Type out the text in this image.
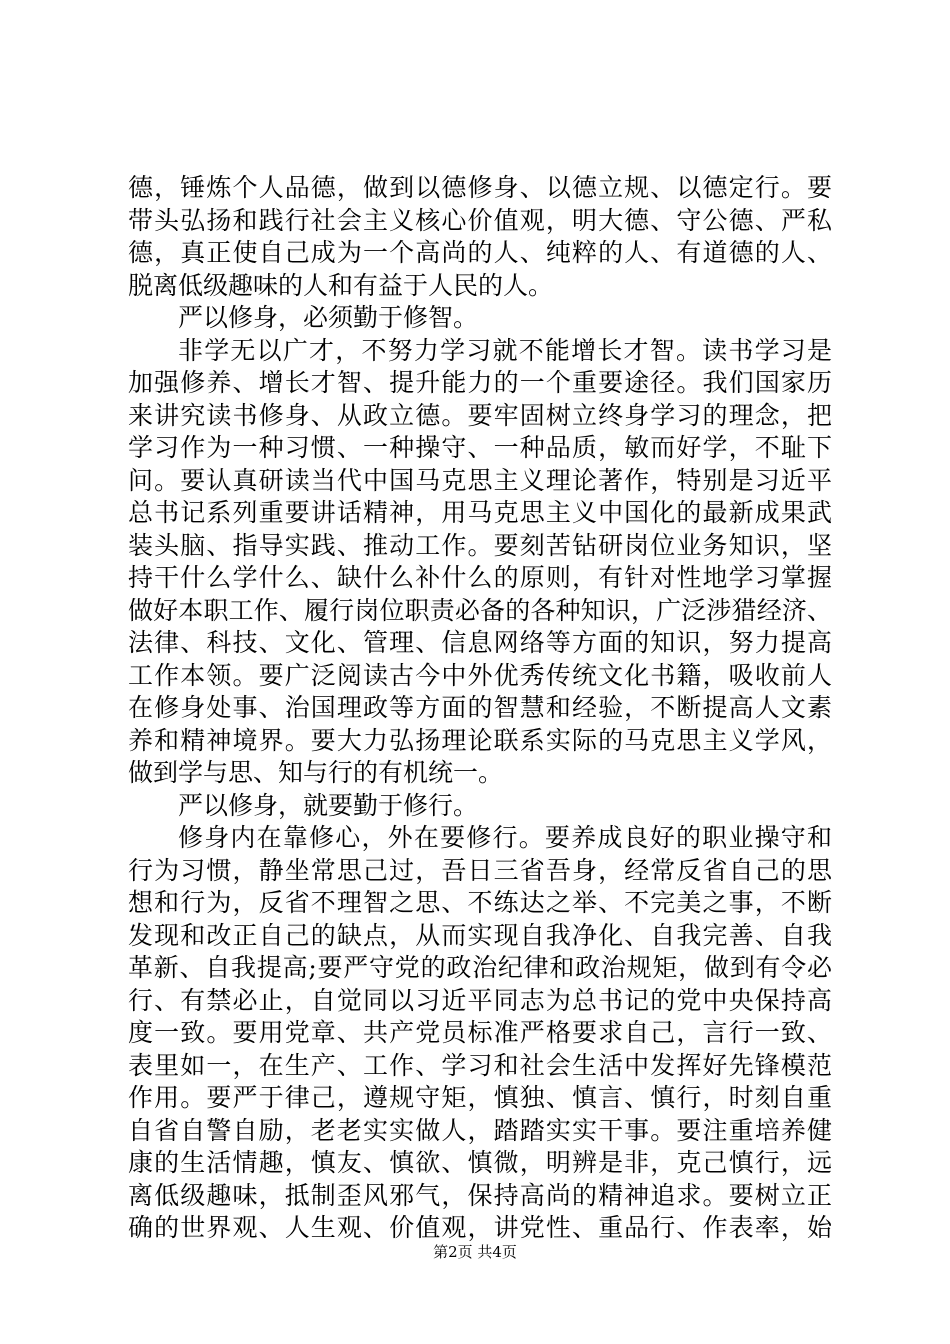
德，锤炼个人品德，做到以德修身、以德立规、以德定行。要
带头弘扬和践行社会主义核心价值观，明大德、守公德、严私
德，真正使自己成为一个高尚的人、纯粹的人、有道德的人、
脱离低级趣味的人和有益于人民的人。
严以修身，必须勤于修智。
非学无以广才，不努力学习就不能增长才智。读书学习是
加强修养、增长才智、提升能力的一个重要途径。我们国家历
来讲究读书修身、从政立德。要牢固树立终身学习的理念，把
学习作为一种习惯、一种操守、一种品质，敏而好学，不耻下
问。要认真研读当代中国马克思主义理论著作，特别是习近平
总书记系列重要讲话精神，用马克思主义中国化的最新成果武
装头脑、指导实践、推动工作。要刻苦钻研岗位业务知识，坚
持干什么学什么、缺什么补什么的原则，有针对性地学习掌握
做好本职工作、履行岗位职责必备的各种知识，广泛涉猎经济、
法律、科技、文化、管理、信息网络等方面的知识，努力提高
工作本领。要广泛阅读古今中外优秀传统文化书籍，吸收前人
在修身处事、治国理政等方面的智慧和经验，不断提高人文素
养和精神境界。要大力弘扬理论联系实际的马克思主义学风，
做到学与思、知与行的有机统一。
严以修身，就要勤于修行。
修身内在靠修心，外在要修行。要养成良好的职业操守和
行为习惯，静坐常思己过，吾日三省吾身，经常反省自己的思
想和行为，反省不理智之思、不练达之举、不完美之事，不断
发现和改正自己的缺点，从而实现自我净化、自我完善、自我
革新、自我提高;要严守党的政治纪律和政治规矩，做到有令必
行、有禁必止，自觉同以习近平同志为总书记的党中央保持高
度一致。要用党章、共产党员标准严格要求自己，言行一致、
表里如一，在生产、工作、学习和社会生活中发挥好先锋模范
作用。要严于律己，遵规守矩，慎独、慎言、慎行，时刻自重
自省自警自励，老老实实做人，踏踏实实干事。要注重培养健
康的生活情趣，慎友、慎欲、慎微，明辨是非，克己慎行，远
离低级趣味，抵制歪风邪气，保持高尚的精神追求。要树立正
确的世界观、人生观、价值观，讲党性、重品行、作表率，始
第2页 共4页
